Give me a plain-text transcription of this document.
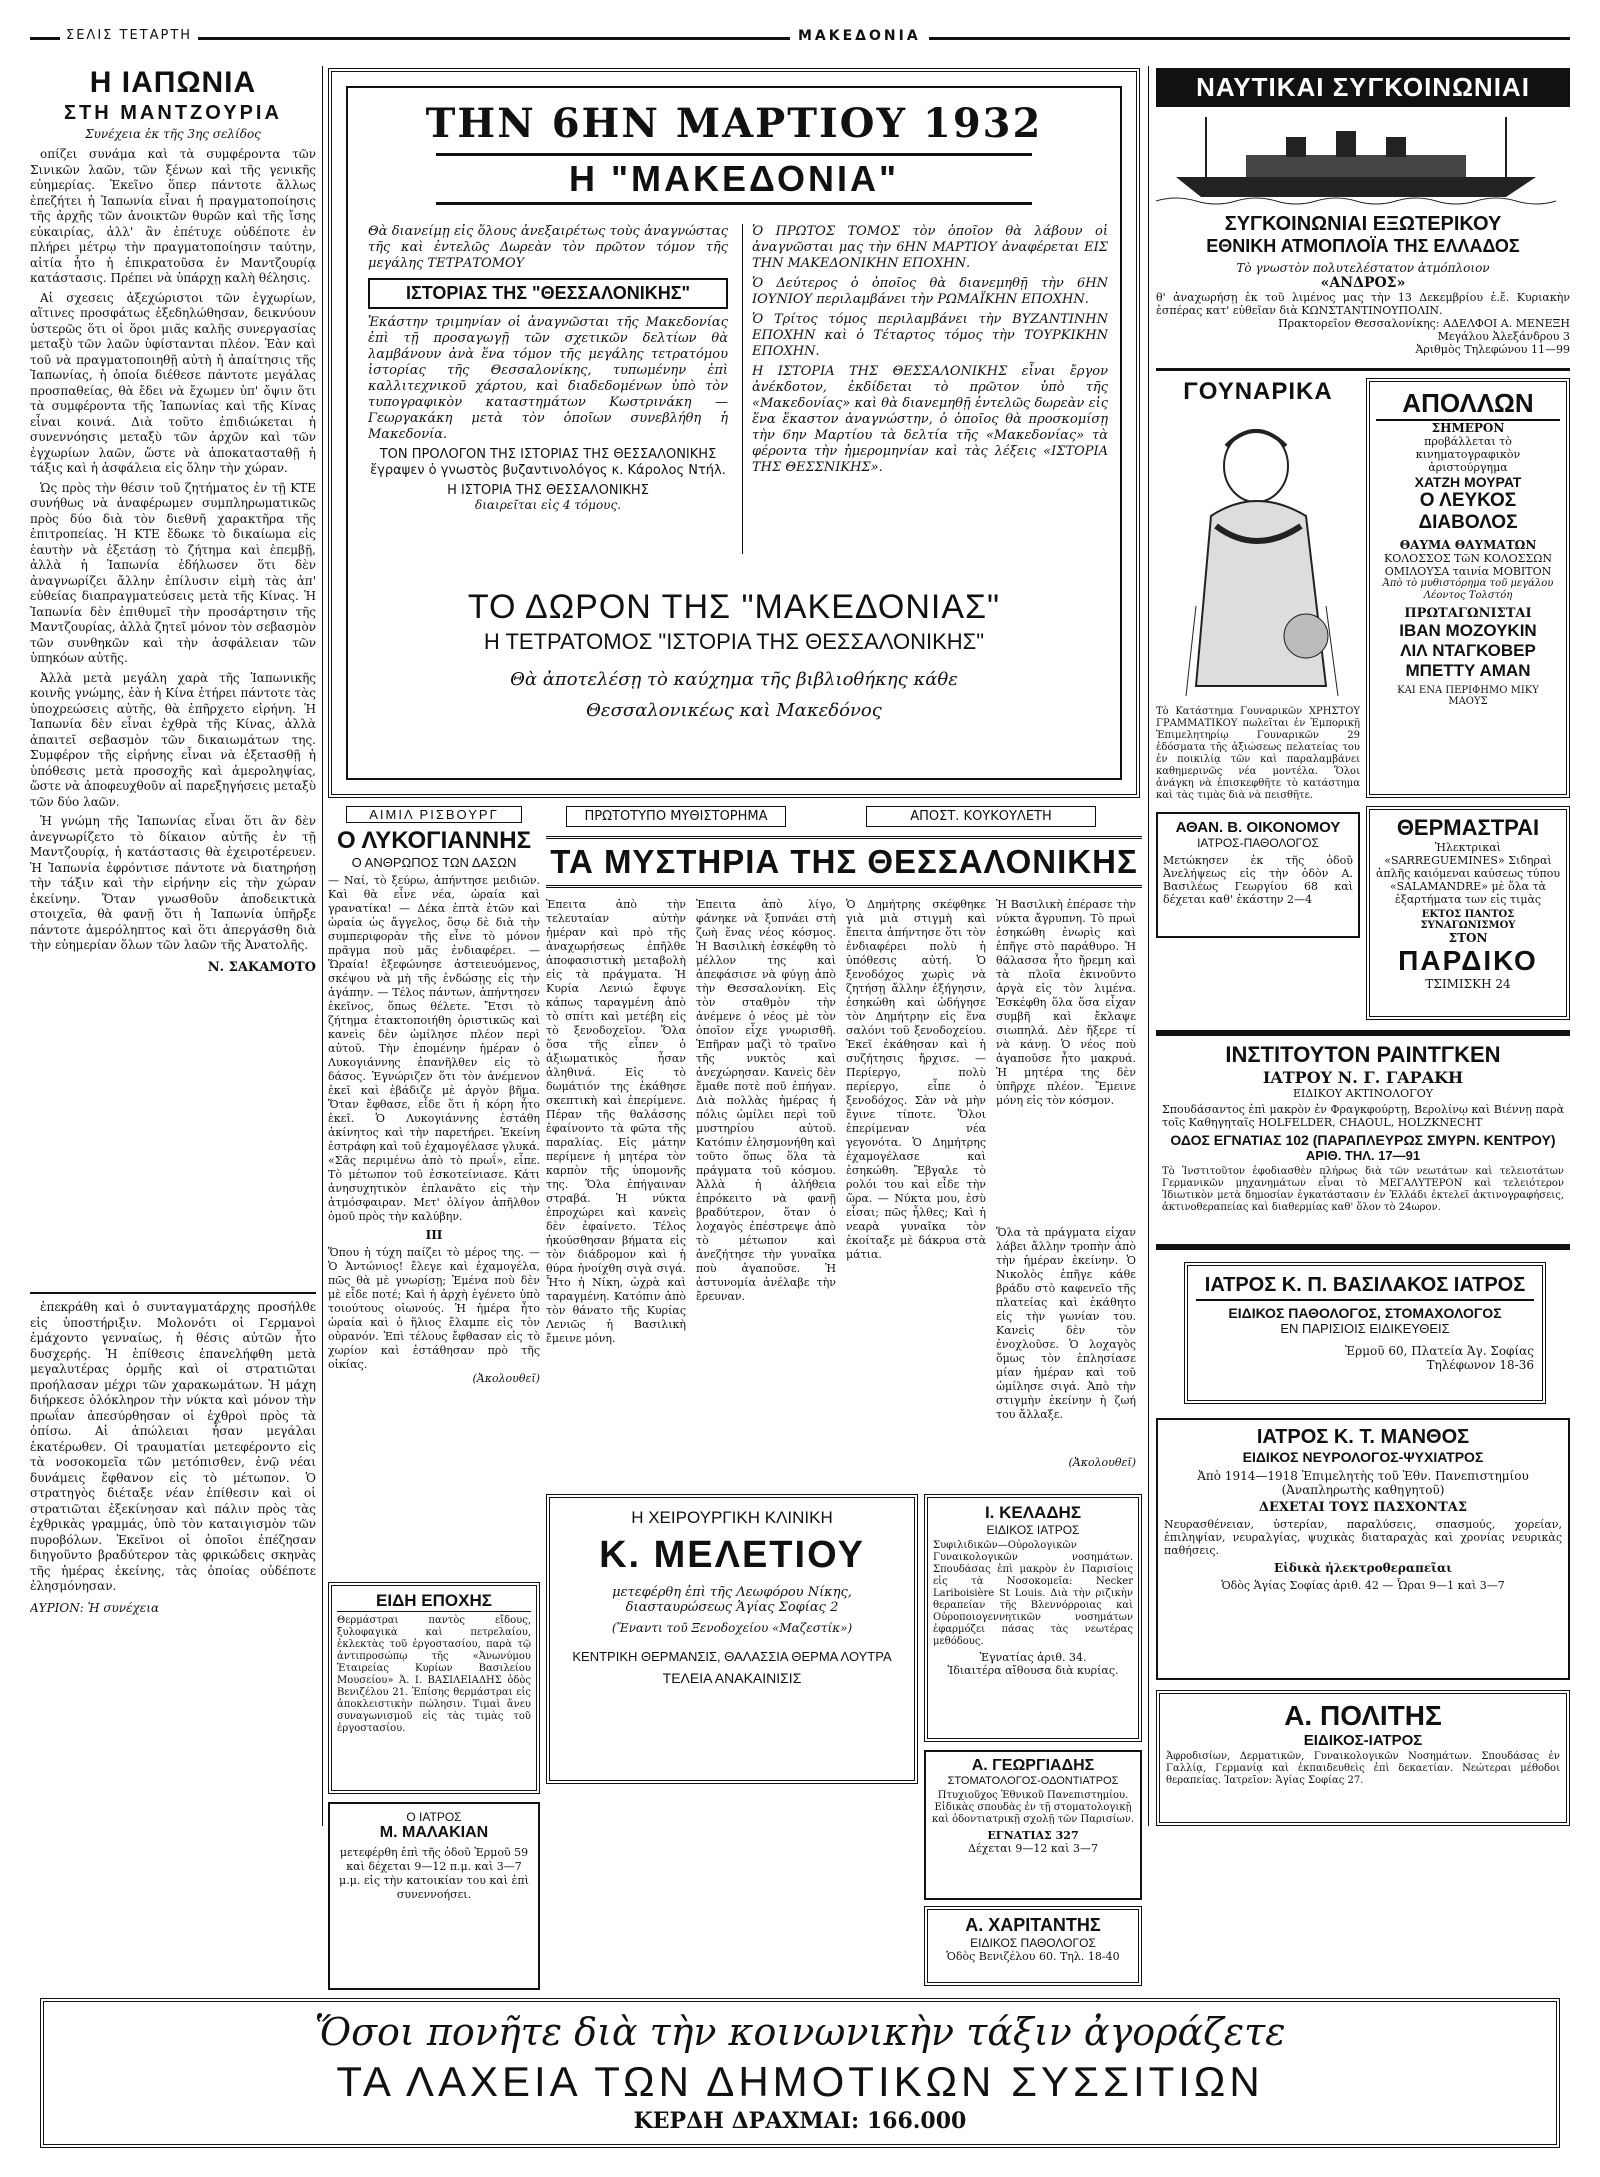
ΣΕΛΙΣ ΤΕΤΑΡΤΗ	ΜΑΚΕΔΟΝΙΑ
Η ΙΑΠΩΝΙΑ
ΣΤΗ ΜΑΝΤΖΟΥΡΙΑ
Συνέχεια ἐκ τῆς 3ης σελίδος
οπίζει συνάμα καὶ τὰ συμφέροντα τῶν Σινικῶν λαῶν, τῶν ξένων καὶ τῆς γενικῆς εὐημερίας. Ἐκεῖνο ὅπερ πάντοτε ἄλλως ἐπεζήτει ἡ Ἰαπωνία εἶναι ἡ πραγματοποίησις τῆς ἀρχῆς τῶν ἀνοικτῶν θυρῶν καὶ τῆς ἴσης εὐκαιρίας, ἀλλ' ἂν ἐπέτυχε οὐδέποτε ἐν πλήρει μέτρῳ τὴν πραγματοποίησιν ταύτην, αἰτία ἦτο ἡ ἐπικρατοῦσα ἐν Μαντζουρίᾳ κατάστασις. Πρέπει νὰ ὑπάρχῃ καλὴ θέλησις.
Αἱ σχεσεις ἀξεχώριστοι τῶν ἐγχωρίων, αἵτινες προσφάτως ἐξεδηλώθησαν, δεικνύουν ὑστερῶς ὅτι οἱ ὅροι μιᾶς καλῆς συνεργασίας μεταξὺ τῶν λαῶν ὑφίστανται πλέον. Ἐὰν καὶ τοῦ νὰ πραγματοποιηθῇ αὐτὴ ἡ ἀπαίτησις τῆς Ἰαπωνίας, ἡ ὁποία διέθεσε πάντοτε μεγάλας προσπαθείας, θὰ ἔδει νὰ ἔχωμεν ὑπ' ὄψιν ὅτι τὰ συμφέροντα τῆς Ἰαπωνίας καὶ τῆς Κίνας εἶναι κοινά. Διὰ τοῦτο ἐπιδιώκεται ἡ συνεννόησις μεταξὺ τῶν ἀρχῶν καὶ τῶν ἐγχωρίων λαῶν, ὥστε νὰ ἀποκατασταθῇ ἡ τάξις καὶ ἡ ἀσφάλεια εἰς ὅλην τὴν χώραν.
Ὡς πρὸς τὴν θέσιν τοῦ ζητήματος ἐν τῇ ΚΤΕ συνήθως νὰ ἀναφέρωμεν συμπληρωματικῶς πρὸς δύο διὰ τὸν διεθνῆ χαρακτῆρα τῆς ἐπιτροπείας. Ἡ ΚΤΕ ἔδωκε τὸ δικαίωμα εἰς ἑαυτὴν νὰ ἐξετάσῃ τὸ ζήτημα καὶ ἐπεμβῇ, ἀλλὰ ἡ Ἰαπωνία ἐδήλωσεν ὅτι δὲν ἀναγνωρίζει ἄλλην ἐπίλυσιν εἰμὴ τὰς ἀπ' εὐθείας διαπραγματεύσεις μετὰ τῆς Κίνας. Ἡ Ἰαπωνία δὲν ἐπιθυμεῖ τὴν προσάρτησιν τῆς Μαντζουρίας, ἀλλὰ ζητεῖ μόνον τὸν σεβασμὸν τῶν συνθηκῶν καὶ τὴν ἀσφάλειαν τῶν ὑπηκόων αὐτῆς.
Ἀλλὰ μετὰ μεγάλη χαρὰ τῆς Ἰαπωνικῆς κοινῆς γνώμης, ἐὰν ἡ Κίνα ἐτήρει πάντοτε τὰς ὑποχρεώσεις αὐτῆς, θὰ ἐπῆρχετο εἰρήνη. Ἡ Ἰαπωνία δὲν εἶναι ἐχθρὰ τῆς Κίνας, ἀλλὰ ἀπαιτεῖ σεβασμὸν τῶν δικαιωμάτων της. Συμφέρον τῆς εἰρήνης εἶναι νὰ ἐξετασθῇ ἡ ὑπόθεσις μετὰ προσοχῆς καὶ ἀμεροληψίας, ὥστε νὰ ἀποφευχθοῦν αἱ παρεξηγήσεις μεταξὺ τῶν δύο λαῶν.
Ἡ γνώμη τῆς Ἰαπωνίας εἶναι ὅτι ἂν δὲν ἀνεγνωρίζετο τὸ δίκαιον αὐτῆς ἐν τῇ Μαντζουρίᾳ, ἡ κατάστασις θὰ ἐχειροτέρευεν. Ἡ Ἰαπωνία ἐφρόντισε πάντοτε νὰ διατηρήσῃ τὴν τάξιν καὶ τὴν εἰρήνην εἰς τὴν χώραν ἐκείνην. Ὅταν γνωσθοῦν ἀποδεικτικὰ στοιχεῖα, θὰ φανῇ ὅτι ἡ Ἰαπωνία ὑπῆρξε πάντοτε ἀμερόληπτος καὶ ὅτι ἀπεργάσθη διὰ τὴν εὐημερίαν ὅλων τῶν λαῶν τῆς Ἀνατολῆς.
Ν. ΣΑΚΑΜΟΤΟ
ἐπεκράθη καὶ ὁ συνταγματάρχης προσήλθε εἰς ὑποστήριξιν. Μολονότι οἱ Γερμανοὶ ἐμάχοντο γενναίως, ἡ θέσις αὐτῶν ἦτο δυσχερής. Ἡ ἐπίθεσις ἐπανελήφθη μετὰ μεγαλυτέρας ὁρμῆς καὶ οἱ στρατιῶται προήλασαν μέχρι τῶν χαρακωμάτων. Ἡ μάχη διήρκεσε ὁλόκληρον τὴν νύκτα καὶ μόνον τὴν πρωΐαν ἀπεσύρθησαν οἱ ἐχθροὶ πρὸς τὰ ὀπίσω. Αἱ ἀπώλειαι ἦσαν μεγάλαι ἑκατέρωθεν. Οἱ τραυματίαι μετεφέροντο εἰς τὰ νοσοκομεῖα τῶν μετόπισθεν, ἐνῷ νέαι δυνάμεις ἔφθανον εἰς τὸ μέτωπον. Ὁ στρατηγὸς διέταξε νέαν ἐπίθεσιν καὶ οἱ στρατιῶται ἐξεκίνησαν καὶ πάλιν πρὸς τὰς ἐχθρικὰς γραμμάς, ὑπὸ τὸν καταιγισμὸν τῶν πυροβόλων. Ἐκεῖνοι οἱ ὁποῖοι ἐπέζησαν διηγοῦντο βραδύτερον τὰς φρικώδεις σκηνὰς τῆς ἡμέρας ἐκείνης, τὰς ὁποίας οὐδέποτε ἐλησμόνησαν.
ΑΥΡΙΟΝ: Ἡ συνέχεια
ΤΗΝ 6ΗΝ ΜΑΡΤΙΟΥ 1932
Η "ΜΑΚΕΔΟΝΙΑ"
Θὰ διανείμῃ εἰς ὅλους ἀνεξαιρέτως τοὺς ἀναγνώστας τῆς καὶ ἐντελῶς Δωρεὰν τὸν πρῶτον τόμον τῆς μεγάλης ΤΕΤΡΑΤΟΜΟΥ
ΙΣΤΟΡΙΑΣ ΤΗΣ "ΘΕΣΣΑΛΟΝΙΚΗΣ"
Ἑκάστην τριμηνίαν οἱ ἀναγνῶσται τῆς Μακεδονίας ἐπὶ τῇ προσαγωγῇ τῶν σχετικῶν δελτίων θὰ λαμβάνουν ἀνὰ ἕνα τόμον τῆς μεγάλης τετρατόμου ἱστορίας τῆς Θεσσαλονίκης, τυπωμένην ἐπὶ καλλιτεχνικοῦ χάρτου, καὶ διαδεδομένων ὑπὸ τὸν τυπογραφικὸν καταστημάτων Κωστρινάκη — Γεωργακάκη μετὰ τὸν ὁποῖων συνεβλήθη ἡ Μακεδονία.
ΤΟΝ ΠΡΟΛΟΓΟΝ ΤΗΣ ΙΣΤΟΡΙΑΣ ΤΗΣ ΘΕΣΣΑΛΟΝΙΚΗΣ ἔγραψεν ὁ γνωστὸς βυζαντινολόγος κ. Κάρολος Ντήλ.
Η ΙΣΤΟΡΙΑ ΤΗΣ ΘΕΣΣΑΛΟΝΙΚΗΣ
διαιρεῖται εἰς 4 τόμους.
Ὁ ΠΡΩΤΟΣ ΤΟΜΟΣ τὸν ὁποῖον θὰ λάβουν οἱ ἀναγνῶσται μας τὴν 6ΗΝ ΜΑΡΤΙΟΥ ἀναφέρεται ΕΙΣ ΤΗΝ ΜΑΚΕΔΟΝΙΚΗΝ ΕΠΟΧΗΝ.
Ὁ Δεύτερος ὁ ὁποῖος θὰ διανεμηθῇ τὴν 6ΗΝ ΙΟΥΝΙΟΥ περιλαμβάνει τὴν ΡΩΜΑΪΚΗΝ ΕΠΟΧΗΝ.
Ὁ Τρίτος τόμος περιλαμβάνει τὴν ΒΥΖΑΝΤΙΝΗΝ ΕΠΟΧΗΝ καὶ ὁ Τέταρτος τόμος τὴν ΤΟΥΡΚΙΚΗΝ ΕΠΟΧΗΝ.
Η ΙΣΤΟΡΙΑ ΤΗΣ ΘΕΣΣΑΛΟΝΙΚΗΣ εἶναι ἔργον ἀνέκδοτον, ἐκδίδεται τὸ πρῶτον ὑπὸ τῆς «Μακεδονίας» καὶ θὰ διανεμηθῇ ἐντελῶς δωρεὰν εἰς ἕνα ἕκαστον ἀναγνώστην, ὁ ὁποῖος θὰ προσκομίσῃ τὴν 6ην Μαρτίου τὰ δελτία τῆς «Μακεδονίας» τὰ φέροντα τὴν ἡμερομηνίαν καὶ τὰς λέξεις «ΙΣΤΟΡΙΑ ΤΗΣ ΘΕΣΣΝΙΚΗΣ».
ΤΟ ΔΩΡΟΝ ΤΗΣ "ΜΑΚΕΔΟΝΙΑΣ"
Η ΤΕΤΡΑΤΟΜΟΣ "ΙΣΤΟΡΙΑ ΤΗΣ ΘΕΣΣΑΛΟΝΙΚΗΣ"
Θὰ ἀποτελέσῃ τὸ καύχημα τῆς βιβλιοθήκης κάθε
Θεσσαλονικέως καὶ Μακεδόνος
ΝΑΥΤΙΚΑΙ ΣΥΓΚΟΙΝΩΝΙΑΙ
ΣΥΓΚΟΙΝΩΝΙΑΙ ΕΞΩΤΕΡΙΚΟΥ
ΕΘΝΙΚΗ ΑΤΜΟΠΛΟΪΑ ΤΗΣ ΕΛΛΑΔΟΣ
Τὸ γνωστὸν πολυτελέστατον ἀτμόπλοιον
«ΑΝΔΡΟΣ»
θ' ἀναχωρήσῃ ἐκ τοῦ λιμένος μας τὴν 13 Δεκεμβρίου ἐ.ἔ. Κυριακὴν ἑσπέρας κατ' εὐθεῖαν διὰ ΚΩΝΣΤΑΝΤΙΝΟΥΠΟΛΙΝ.
Πρακτορεῖον Θεσσαλονίκης: ΑΔΕΛΦΟΙ Α. ΜΕΝΕΞΗ
Μεγάλου Ἀλεξάνδρου 3
Ἀριθμὸς Τηλεφώνου 11—99
ΓΟΥΝΑΡΙΚΑ
Τὸ Κατάστημα Γουναρικῶν ΧΡΗΣΤΟΥ ΓΡΑΜΜΑΤΙΚΟΥ πωλεῖται ἐν Ἐμπορικῇ Ἐπιμελητηρίῳ Γουναρικῶν 29 ἐδόσματα τῆς ἀξιώσεως πελατείας του ἐν ποικιλίᾳ τῶν καὶ παραλαμβάνει καθημερινῶς νέα μοντέλα. Ὅλοι ἀνάγκη νὰ ἐπισκεφθῆτε τὸ κατάστημα καὶ τὰς τιμὰς διὰ νὰ πεισθῆτε.
ΑΠΟΛΛΩΝ
ΣΗΜΕΡΟΝ
προβάλλεται τὸ κινηματογραφικὸν ἀριστούργημα
ΧΑΤΖΗ ΜΟΥΡΑΤ
Ο ΛΕΥΚΟΣ ΔΙΑΒΟΛΟΣ
ΘΑΥΜΑ ΘΑΥΜΑΤΩΝ
ΚΟΛΟΣΣΟΣ ΤῶΝ ΚΟΛΟΣΣΩΝ
ΟΜΙΛΟΥΣΑ ταινία ΜΟΒΙΤΟΝ
Ἀπὸ τὸ μυθιστόρημα τοῦ μεγάλου Λέοντος Τολστόη
ΠΡΩΤΑΓΩΝΙΣΤΑΙ
ΙΒΑΝ ΜΟΖΟΥΚΙΝ
ΛΙΛ ΝΤΑΓΚΟΒΕΡ
ΜΠΕΤΤΥ ΑΜΑΝ
ΚΑΙ ΕΝΑ ΠΕΡΙΦΗΜΟ ΜΙΚΥ ΜΑΟΥΣ
ΑΙΜΙΛ ΡΙΣΒΟΥΡΓ
Ο ΛΥΚΟΓΙΑΝΝΗΣ
Ο ΑΝΘΡΩΠΟΣ ΤΩΝ ΔΑΣΩΝ
— Ναί, τὸ ξεύρω, ἀπήντησε μειδιῶν. Καὶ θὰ εἶνε νέα, ὡραία καὶ γρανατίκα! — Δέκα ἑπτὰ ἐτῶν καὶ ὡραία ὡς ἄγγελος, ὅσῳ δὲ διὰ τὴν συμπεριφορὰν τῆς εἶνε τὸ μόνον πρᾶγμα ποὺ μᾶς ἐνδιαφέρει. — Ὥραία! ἐξεφώνησε ἀστειευόμενος, σκέψου νὰ μὴ τῆς ἐνδώσῃς εἰς τὴν ἀγάπην. — Τέλος πάντων, ἀπήντησεν ἐκεῖνος, ὅπως θέλετε. Ἔτσι τὸ ζήτημα ἐτακτοποιήθη ὁριστικῶς καὶ κανεὶς δὲν ὡμίλησε πλέον περὶ αὐτοῦ. Τὴν ἐπομένην ἡμέραν ὁ Λυκογιάννης ἐπανῆλθεν εἰς τὸ δάσος. Ἐγνώριζεν ὅτι τὸν ἀνέμενον ἐκεῖ καὶ ἐβάδιζε μὲ ἀργὸν βῆμα. Ὅταν ἔφθασε, εἶδε ὅτι ἡ κόρη ἦτο ἐκεῖ. Ὁ Λυκογιάννης ἐστάθη ἀκίνητος καὶ τὴν παρετήρει. Ἐκείνη ἐστράφη καὶ τοῦ ἐχαμογέλασε γλυκά. «Σᾶς περιμένω ἀπὸ τὸ πρωΐ», εἶπε. Τὸ μέτωπον τοῦ ἐσκοτείνιασε. Κάτι ἀνησυχητικὸν ἐπλανᾶτο εἰς τὴν ἀτμόσφαιραν. Μετ' ὀλίγον ἀπῆλθον ὁμοῦ πρὸς τὴν καλύβην.
ΙΙΙ
Ὅπου ἡ τύχη παίζει τὸ μέρος της. — Ὁ Ἀντώνιος! ἔλεγε καὶ ἐχαμογέλα, πῶς θὰ μὲ γνωρίσῃ; Ἐμένα ποὺ δὲν μὲ εἶδε ποτέ; Καὶ ἡ ἀρχὴ ἐγένετο ὑπὸ τοιούτους οἰωνούς. Ἡ ἡμέρα ἦτο ὡραία καὶ ὁ ἥλιος ἔλαμπε εἰς τὸν οὐρανόν. Ἐπὶ τέλους ἔφθασαν εἰς τὸ χωρίον καὶ ἐστάθησαν πρὸ τῆς οἰκίας.
(Ἀκολουθεῖ)
ΠΡΩΤΟΤΥΠΟ ΜΥΘΙΣΤΟΡΗΜΑ	ΑΠΟΣΤ. ΚΟΥΚΟΥΛΕΤΗ
ΤΑ ΜΥΣΤΗΡΙΑ ΤΗΣ ΘΕΣΣΑΛΟΝΙΚΗΣ
Ἐπειτα ἀπὸ τὴν τελευταίαν αὐτὴν ἡμέραν καὶ πρὸ τῆς ἀναχωρήσεως ἐπῆλθε ἀποφασιστικὴ μεταβολὴ εἰς τὰ πράγματα. Ἡ Κυρία Λενιώ ἔφυγε κάπως ταραγμένη ἀπὸ τὸ σπίτι καὶ μετέβη εἰς τὸ ξενοδοχεῖον. Ὅλα ὅσα τῆς εἶπεν ὁ ἀξιωματικὸς ἦσαν ἀληθινά. Εἰς τὸ δωμάτιόν της ἐκάθησε σκεπτικὴ καὶ ἐπερίμενε. Πέραν τῆς θαλάσσης ἐφαίνοντο τὰ φῶτα τῆς παραλίας. Εἰς μάτην περίμενε ἡ μητέρα τὸν καρπὸν τῆς ὑπομονῆς της. Ὅλα ἐπήγαιναν στραβά. Ἡ νύκτα ἐπροχώρει καὶ κανεὶς δὲν ἐφαίνετο. Τέλος ἠκούσθησαν βήματα εἰς τὸν διάδρομον καὶ ἡ θύρα ἠνοίχθη σιγὰ σιγά. Ἦτο ἡ Νίκη, ὠχρὰ καὶ ταραγμένη. Κατόπιν ἀπὸ τὸν θάνατο τῆς Κυρίας Λενιῶς ἡ Βασιλικὴ ἔμεινε μόνη.
Ἐπειτα ἀπὸ λίγο, φάνηκε νὰ ξυπνάει στὴ ζωὴ ἕνας νέος κόσμος. Ἡ Βασιλικὴ ἐσκέφθη τὸ μέλλον της καὶ ἀπεφάσισε νὰ φύγῃ ἀπὸ τὴν Θεσσαλονίκη. Εἰς τὸν σταθμὸν τὴν ἀνέμενε ὁ νέος μὲ τὸν ὁποῖον εἶχε γνωρισθῆ. Ἐπῆραν μαζὶ τὸ τραῖνο τῆς νυκτὸς καὶ ἀνεχώρησαν. Κανεὶς δὲν ἔμαθε ποτὲ ποῦ ἐπήγαν. Διὰ πολλὰς ἡμέρας ἡ πόλις ὡμίλει περὶ τοῦ μυστηρίου αὐτοῦ. Κατόπιν ἐλησμονήθη καὶ τοῦτο ὅπως ὅλα τὰ πράγματα τοῦ κόσμου. Ἀλλὰ ἡ ἀλήθεια ἐπρόκειτο νὰ φανῇ βραδύτερον, ὅταν ὁ λοχαγὸς ἐπέστρεψε ἀπὸ τὸ μέτωπον καὶ ἀνεζήτησε τὴν γυναῖκα ποὺ ἀγαποῦσε. Ἡ ἀστυνομία ἀνέλαβε τὴν ἔρευναν.
Ὁ Δημήτρης σκέφθηκε γιὰ μιὰ στιγμὴ καὶ ἔπειτα ἀπήντησε ὅτι τὸν ἐνδιαφέρει πολὺ ἡ ὑπόθεσις αὐτή. Ὁ ξενοδόχος χωρὶς νὰ ζητήσῃ ἄλλην ἐξήγησιν, ἐσηκώθη καὶ ὡδήγησε τὸν Δημήτρην εἰς ἕνα σαλόνι τοῦ ξενοδοχείου. Ἐκεῖ ἐκάθησαν καὶ ἡ συζήτησις ἤρχισε. — Περίεργο, πολὺ περίεργο, εἶπε ὁ ξενοδόχος. Σὰν νὰ μὴν ἔγινε τίποτε. Ὅλοι ἐπερίμεναν νέα γεγονότα. Ὁ Δημήτρης ἐχαμογέλασε καὶ ἐσηκώθη. Ἔβγαλε τὸ ρολόι του καὶ εἶδε τὴν ὥρα. — Νύκτα μου, ἐσὺ εἶσαι; πῶς ἦλθες; Καὶ ἡ νεαρὰ γυναῖκα τὸν ἐκοίταξε μὲ δάκρυα στὰ μάτια.
Ἡ Βασιλικὴ ἐπέρασε τὴν νύκτα ἄγρυπνη. Τὸ πρωὶ ἐσηκώθη ἐνωρὶς καὶ ἐπῆγε στὸ παράθυρο. Ἡ θάλασσα ἦτο ἤρεμη καὶ τὰ πλοῖα ἐκινοῦντο ἀργὰ εἰς τὸν λιμένα. Ἐσκέφθη ὅλα ὅσα εἶχαν συμβῆ καὶ ἔκλαψε σιωπηλά. Δὲν ἤξερε τί νὰ κάνῃ. Ὁ νέος ποὺ ἀγαποῦσε ἦτο μακρυά. Ἡ μητέρα της δὲν ὑπῆρχε πλέον. Ἔμεινε μόνη εἰς τὸν κόσμον.
Ὅλα τὰ πράγματα εἶχαν λάβει ἄλλην τροπὴν ἀπὸ τὴν ἡμέραν ἐκείνην. Ὁ Νικολὸς ἐπῆγε κάθε βράδυ στὸ καφενεῖο τῆς πλατείας καὶ ἐκάθητο εἰς τὴν γωνίαν του. Κανεὶς δὲν τὸν ἐνοχλοῦσε. Ὁ λοχαγὸς ὅμως τὸν ἐπλησίασε μίαν ἡμέραν καὶ τοῦ ὡμίλησε σιγά. Ἀπὸ τὴν στιγμὴν ἐκείνην ἡ ζωή του ἄλλαξε.
(Ἀκολουθεῖ)
ΑΘΑΝ. Β. ΟΙΚΟΝΟΜΟΥ
ΙΑΤΡΟΣ-ΠΑΘΟΛΟΓΟΣ
Μετώκησεν ἐκ τῆς ὁδοῦ Ἀνελήψεως εἰς τὴν ὁδὸν Α. Βασιλέως Γεωργίου 68 καὶ δέχεται καθ' ἑκάστην 2—4
ΘΕΡΜΑΣΤΡΑΙ
Ἡλεκτρικαὶ «SARREGUEMINES» Σιδηραὶ ἁπλῆς καιόμεναι καύσεως τύπου «SALAMANDRE» μὲ ὅλα τὰ ἐξαρτήματα των εἰς τιμὰς
ΕΚΤΟΣ ΠΑΝΤΟΣ ΣΥΝΑΓΩΝΙΣΜΟΥ
ΣΤΟΝ
ΠΑΡΔΙΚΟ
ΤΣΙΜΙΣΚΗ 24
ΙΝΣΤΙΤΟΥΤΟΝ ΡΑΙΝΤΓΚΕΝ
ΙΑΤΡΟΥ Ν. Γ. ΓΑΡΑΚΗ
ΕΙΔΙΚΟΥ ΑΚΤΙΝΟΛΟΓΟΥ
Σπουδάσαντος ἐπὶ μακρὸν ἐν Φραγκφούρτῃ, Βερολίνῳ καὶ Βιέννῃ παρὰ τοῖς Καθηγηταῖς HOLFELDER, CHAOUL, HOLZKNECHT
ΟΔΟΣ ΕΓΝΑΤΙΑΣ 102 (ΠΑΡΑΠΛΕΥΡΩΣ ΣΜΥΡΝ. ΚΕΝΤΡΟΥ)
ΑΡΙΘ. ΤΗΛ. 17—91
Τὸ Ἰνστιτοῦτον ἐφοδιασθὲν πλήρως διὰ τῶν νεωτάτων καὶ τελειοτάτων Γερμανικῶν μηχανημάτων εἶναι τὸ ΜΕΓΑΛΥΤΕΡΟΝ καὶ τελειότερον Ἰδιωτικὸν μετὰ δημοσίαν ἐγκατάστασιν ἐν Ἑλλάδι ἐκτελεῖ ἀκτινογραφήσεις, ἀκτινοθεραπείας καὶ διαθερμίας καθ' ὅλον τὸ 24ωρον.
ΙΑΤΡΟΣ Κ. Π. ΒΑΣΙΛΑΚΟΣ ΙΑΤΡΟΣ
ΕΙΔΙΚΟΣ ΠΑΘΟΛΟΓΟΣ, ΣΤΟΜΑΧΟΛΟΓΟΣ
ΕΝ ΠΑΡΙΣΙΟΙΣ ΕΙΔΙΚΕΥΘΕΙΣ
Ἐρμοῦ 60, Πλατεία Ἁγ. Σοφίας
Τηλέφωνον 18-36
ΙΑΤΡΟΣ Κ. Τ. ΜΑΝΘΟΣ
ΕΙΔΙΚΟΣ ΝΕΥΡΟΛΟΓΟΣ-ΨΥΧΙΑΤΡΟΣ
Ἀπὸ 1914—1918 Ἐπιμελητὴς τοῦ Ἐθν. Πανεπιστημίου (Ἀναπληρωτὴς καθηγητοῦ)
ΔΕΧΕΤΑΙ ΤΟΥΣ ΠΑΣΧΟΝΤΑΣ
Νευρασθένειαν, ὑστερίαν, παραλύσεις, σπασμούς, χορείαν, ἐπιληψίαν, νευραλγίας, ψυχικὰς διαταραχὰς καὶ χρονίας νευρικὰς παθήσεις.
Εἰδικὰ ἠλεκτροθεραπεῖαι
Ὁδὸς Ἁγίας Σοφίας ἀριθ. 42 — Ὧραι 9—1 καὶ 3—7
Α. ΠΟΛΙΤΗΣ
ΕΙΔΙΚΟΣ-ΙΑΤΡΟΣ
Ἀφροδισίων, Δερματικῶν, Γυναικολογικῶν Νοσημάτων. Σπουδάσας ἐν Γαλλίᾳ, Γερμανίᾳ καὶ ἐκπαιδευθεὶς ἐπὶ δεκαετίαν. Νεώτεραι μέθοδοι θεραπείας. Ἰατρεῖον: Ἁγίας Σοφίας 27.
Ι. ΚΕΛΑΔΗΣ
ΕΙΔΙΚΟΣ ΙΑΤΡΟΣ
Συφιλιδικῶν—Οὐρολογικῶν Γυναικολογικῶν νοσημάτων. Σπουδάσας ἐπὶ μακρὸν ἐν Παρισίοις εἰς τὰ Νοσοκομεῖα: Necker Lariboisière St Louis. Διὰ τὴν ριζικὴν θεραπείαν τῆς Βλεννόρροιας καὶ Οὐροποιογεννητικῶν νοσημάτων ἐφαρμόζει πάσας τὰς νεωτέρας μεθόδους.
Ἐγνατίας ἀριθ. 34.
Ἰδιαιτέρα αἴθουσα διὰ κυρίας.
Α. ΓΕΩΡΓΙΑΔΗΣ
ΣΤΟΜΑΤΟΛΟΓΟΣ-ΟΔΟΝΤΙΑΤΡΟΣ
Πτυχιοῦχος Ἐθνικοῦ Πανεπιστημίου. Εἰδικὰς σπουδὰς ἐν τῇ στοματολογικῇ καὶ ὀδοντιατρικῇ σχολῇ τῶν Παρισίων.
ΕΓΝΑΤΙΑΣ 327
Δέχεται 9—12 καὶ 3—7
Α. ΧΑΡΙΤΑΝΤΗΣ
ΕΙΔΙΚΟΣ ΠΑΘΟΛΟΓΟΣ
Ὁδὸς Βενιζέλου 60. Τηλ. 18-40
ΕΙΔΗ ΕΠΟΧΗΣ
Θερμάστραι παντὸς εἴδους, ξυλοφαγικὰ καὶ πετρελαίου, ἐκλεκτὰς τοῦ ἐργοστασίου, παρὰ τῷ ἀντιπροσώπῳ τῆς «Ἀνωνύμου Ἑταιρείας Κυρίων Βασιλείου Μουσείου» Ἀ. Ι. ΒΑΣΙΛΕΙΑΔΗΣ ὁδὸς Βενιζέλου 21. Ἐπίσης θερμάστραι εἰς ἀποκλειστικὴν πώλησιν. Τιμαὶ ἄνευ συναγωνισμοῦ εἰς τὰς τιμὰς τοῦ ἐργοστασίου.
Ο ΙΑΤΡΟΣ
Μ. ΜΑΛΑΚΙΑΝ
μετεφέρθη ἐπὶ τῆς ὁδοῦ Ἐρμοῦ 59 καὶ δέχεται 9—12 π.μ. καὶ 3—7 μ.μ. εἰς τὴν κατοικίαν του καὶ ἐπὶ συνεννοήσει.
Η ΧΕΙΡΟΥΡΓΙΚΗ ΚΛΙΝΙΚΗ
Κ. ΜΕΛΕΤΙΟΥ
μετεφέρθη ἐπὶ τῆς Λεωφόρου Νίκης, διασταυρώσεως Ἁγίας Σοφίας 2
(Ἔναντι τοῦ Ξενοδοχείου «Μαζεστίκ»)
ΚΕΝΤΡΙΚΗ ΘΕΡΜΑΝΣΙΣ, ΘΑΛΑΣΣΙΑ ΘΕΡΜΑ ΛΟΥΤΡΑ
ΤΕΛΕΙΑ ΑΝΑΚΑΙΝΙΣΙΣ
Ὅσοι πονῆτε διὰ τὴν κοινωνικὴν τάξιν ἀγοράζετε
ΤΑ ΛΑΧΕΙΑ ΤΩΝ ΔΗΜΟΤΙΚΩΝ ΣΥΣΣΙΤΙΩΝ
ΚΕΡΔΗ ΔΡΑΧΜΑΙ: 166.000
